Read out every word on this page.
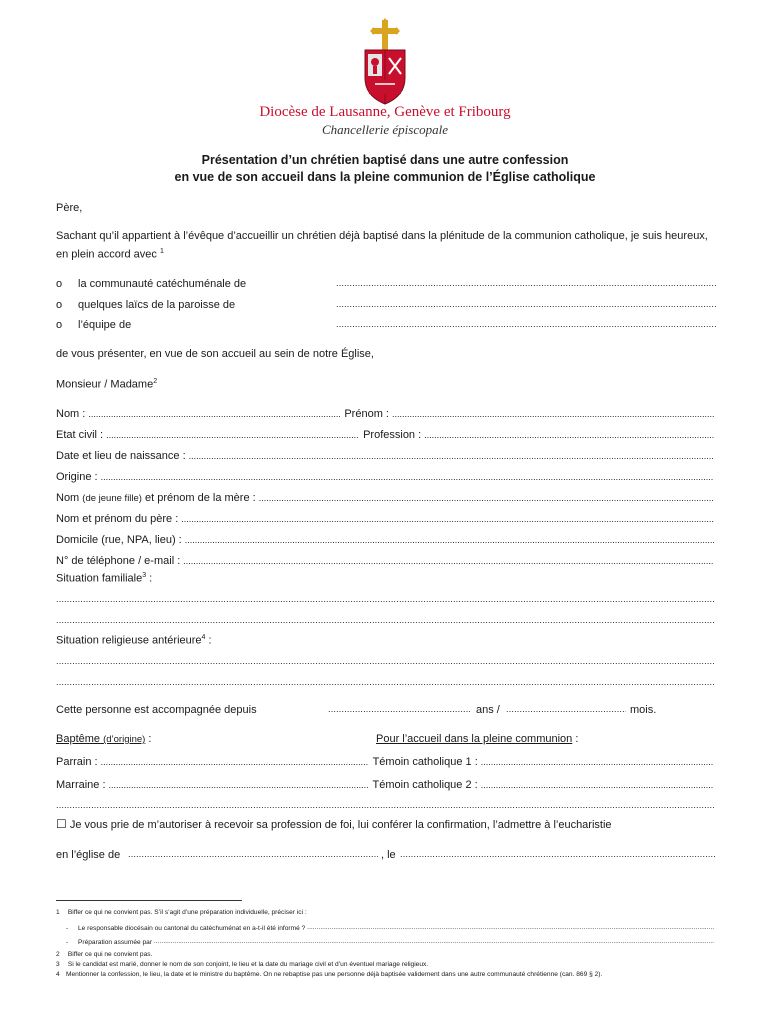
Diocèse de Lausanne, Genève et Fribourg
Chancellerie épiscopale
Présentation d’un chrétien baptisé dans une autre confession
en vue de son accueil dans la pleine communion de l’Église catholique
Père,
Sachant qu’il appartient à l’évêque d’accueillir un chrétien déjà baptisé dans la plénitude de la communion catholique, je suis heureux, en plein accord avec $^1$
o la communauté catéchuménale de
.....
o quelques laïcs de la paroisse de
.....
o l’équipe de
.....
de vous présenter, en vue de son accueil au sein de notre Église,
Monsieur / Madame$^2$
Nom : .....	Prénom :
.....
Etat civil : .....	Profession :
.....
Date et lieu de naissance :
.....
Origine :
.....
Nom (de jeune fille) et prénom de la mère :
.....
Nom et prénom du père :
.....
Domicile (rue, NPA, lieu) :
.....
N° de téléphone / e-mail :
.....
Situation familiale$^3$ :
.....
.....
Situation religieuse antérieure$^4$ :
.....
.....
Cette personne est accompagnée depuis .....	ans / .....	mois.
Baptême (d’origine) :	Pour l’accueil dans la pleine communion :
Parrain : .....	Témoin catholique 1 :
.....
Marraine : .....	Témoin catholique 2 :
.....
.....
☐ Je vous prie de m’autoriser à recevoir sa profession de foi, lui conférer la confirmation, l’admettre à l’eucharistie
en l’église de .....	, le
.....
1 Biffer ce qui ne convient pas. S’il s’agit d’une préparation individuelle, préciser ici :
-	Le responsable diocésain ou cantonal du catéchuménat en a-t-il été informé ?
.....
-	Préparation assumée par
.....
2 Biffer ce qui ne convient pas.
3 Si le candidat est marié, donner le nom de son conjoint, le lieu et la date du mariage civil et d’un éventuel mariage religieux.
4 Mentionner la confession, le lieu, la date et le ministre du baptême. On ne rebaptise pas une personne déjà baptisée validement dans une autre communauté chrétienne (can. 869 § 2).
